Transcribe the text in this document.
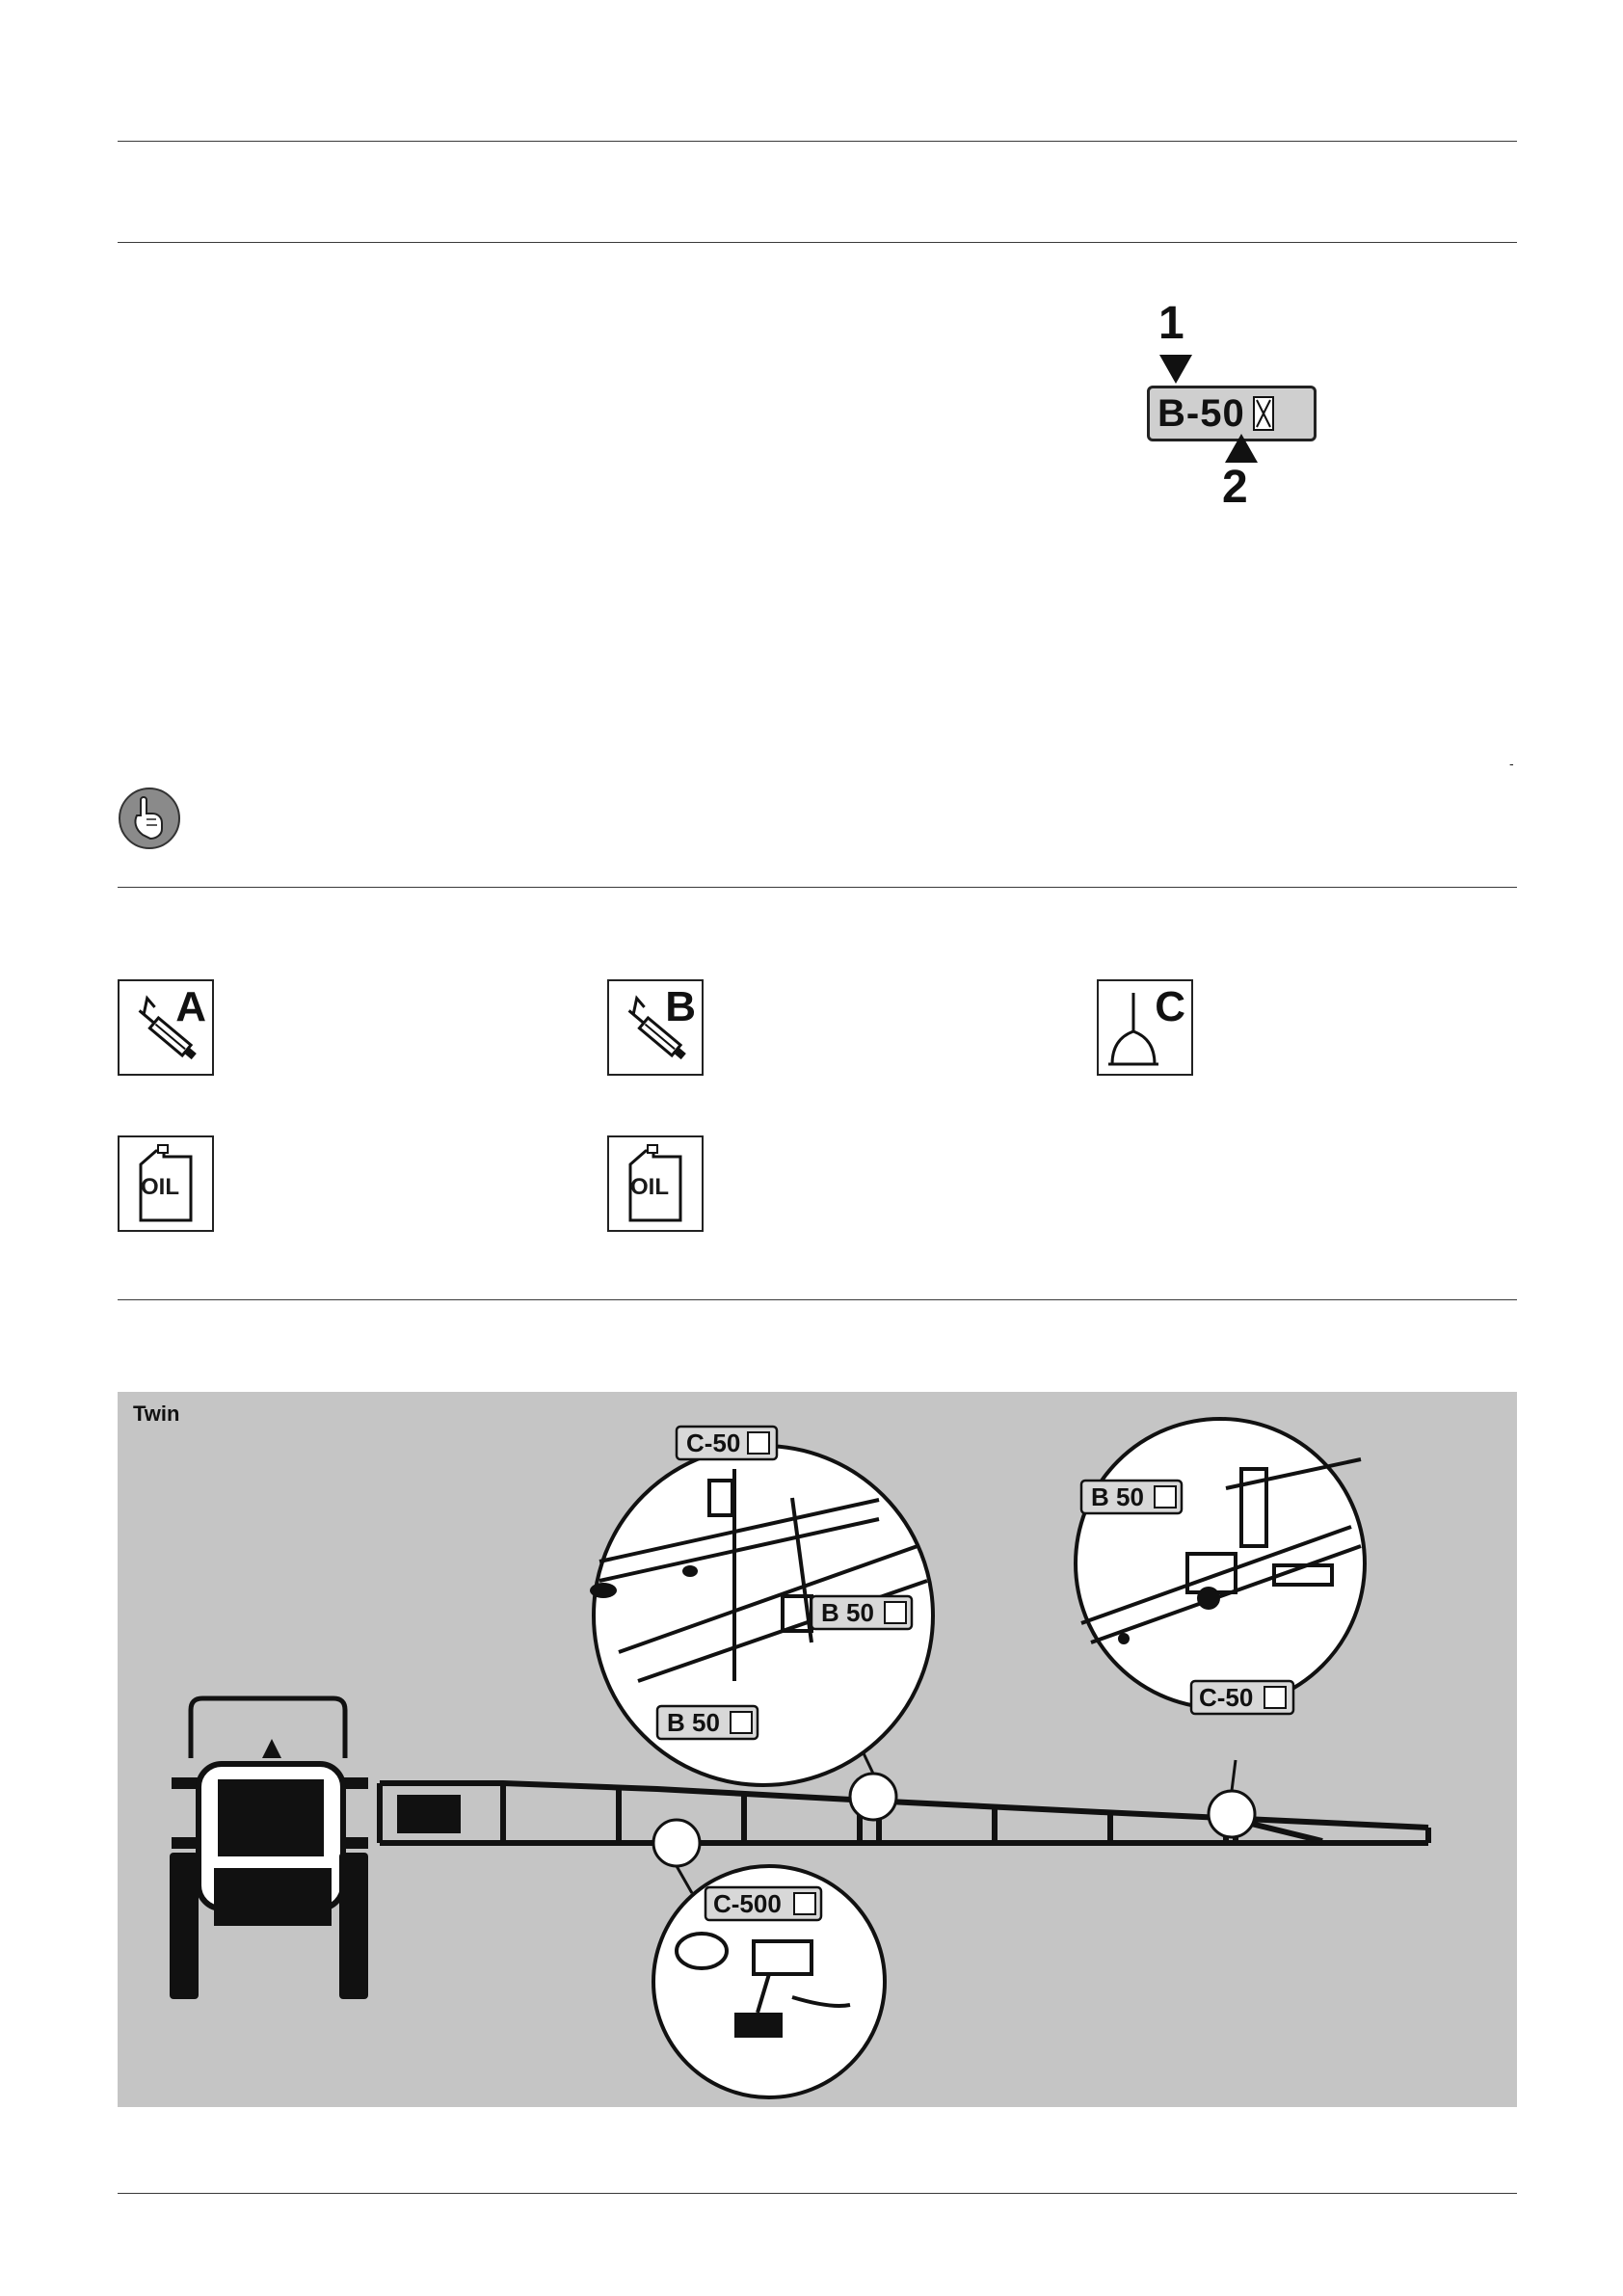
1
B-50
2
-
A	B	C
OIL	OIL
C-50
B 50
B 50
B 50
C-50
C-500
Twin
